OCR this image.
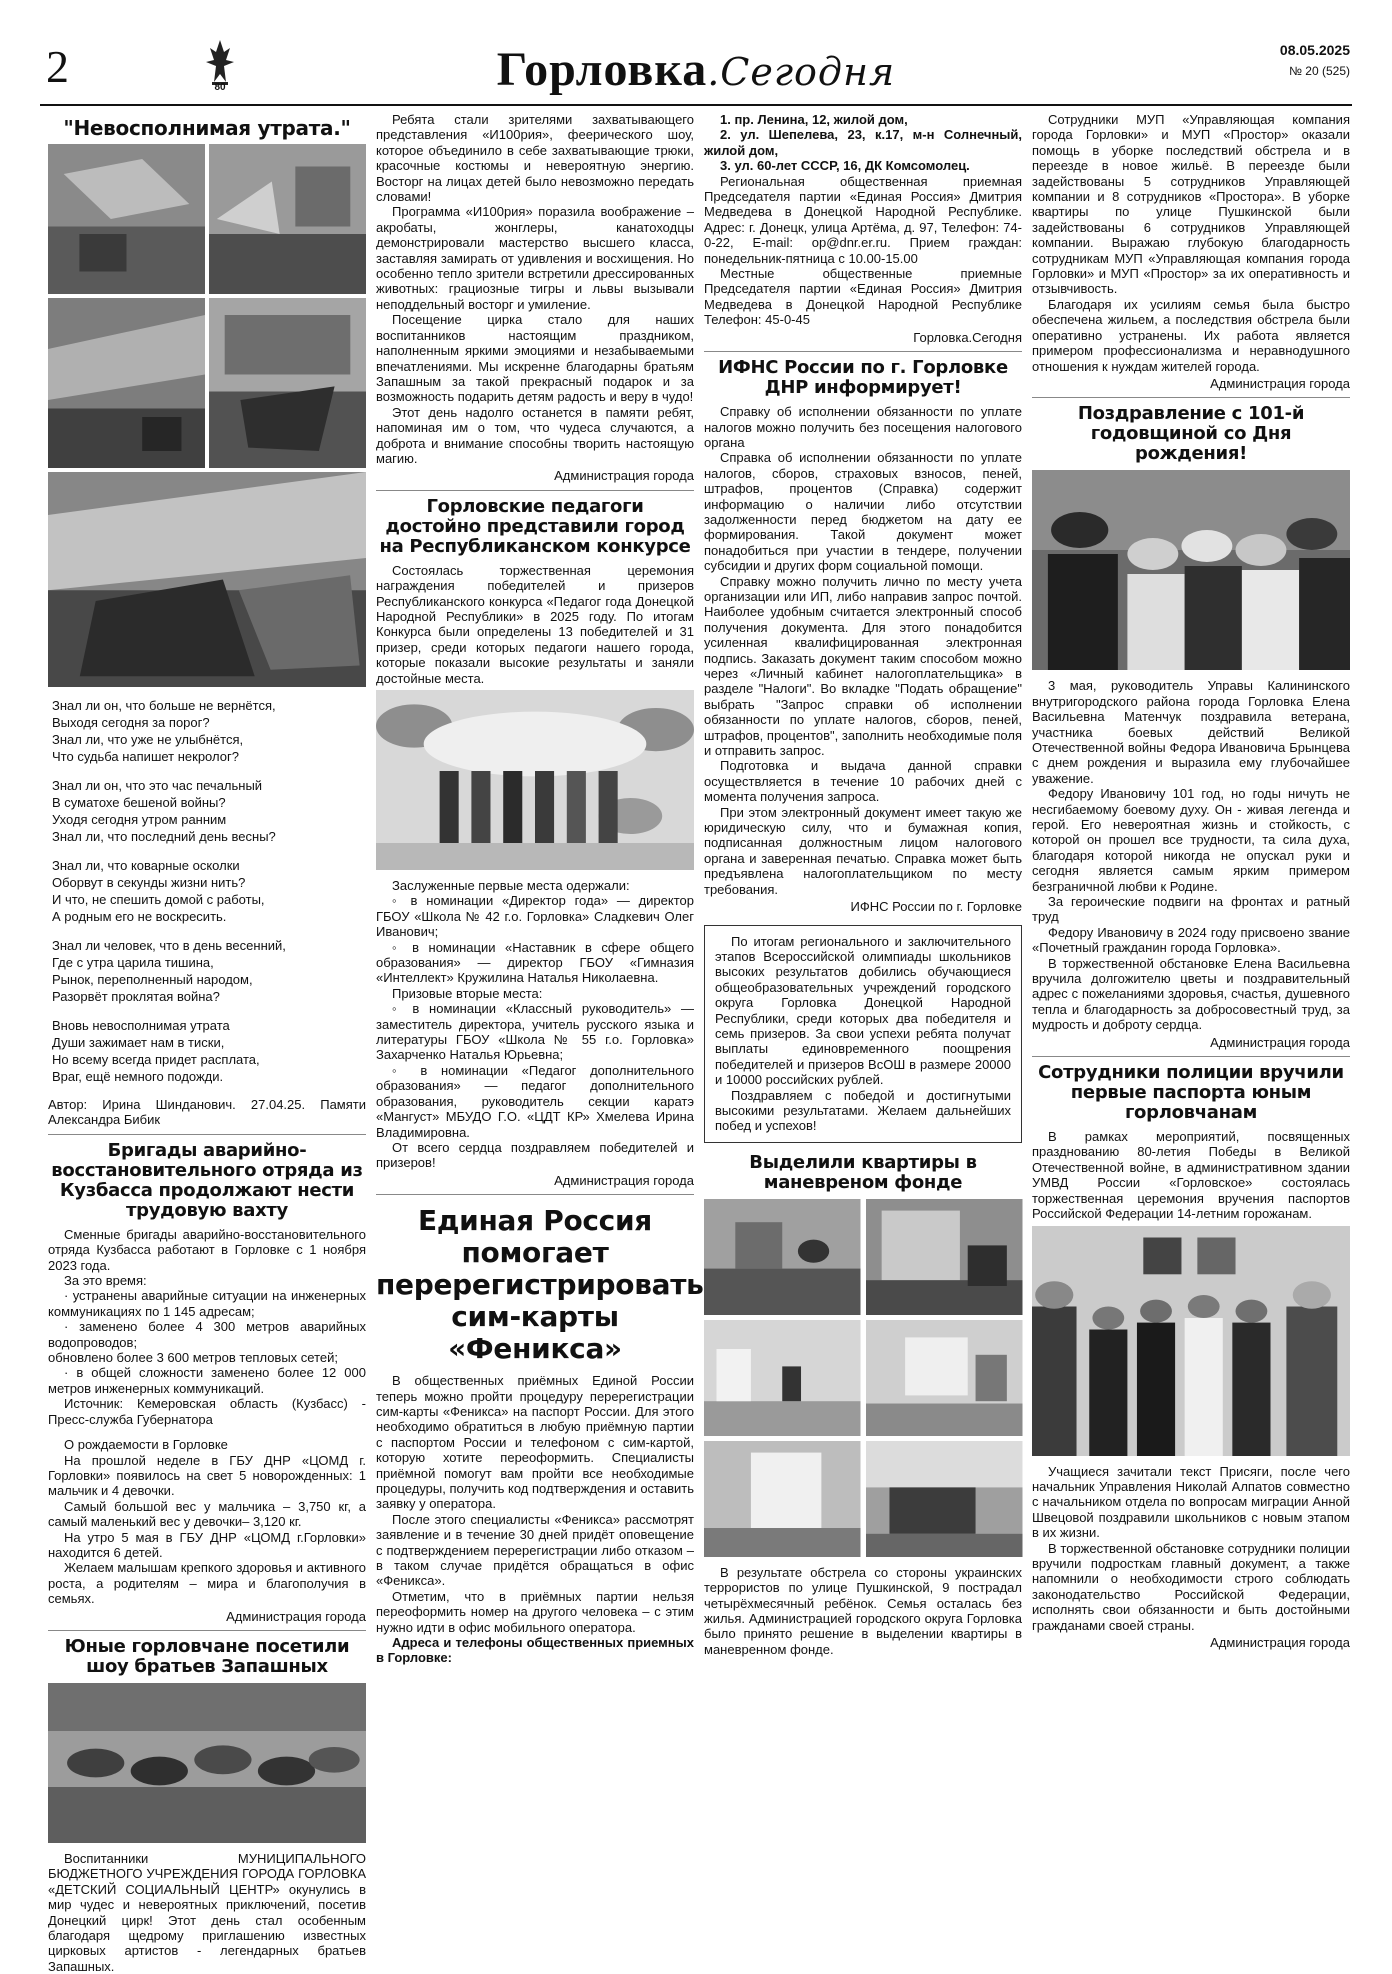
2	80	Горловка.Сегодня	08.05.2025
№ 20 (525)
"Невосполнимая утрата."
Знал ли он, что больше не вернётся,
Выходя сегодня за порог?
Знал ли, что уже не улыбнётся,
Что судьба напишет некролог?
Знал ли он, что это час печальный
В суматохе бешеной войны?
Уходя сегодня утром ранним
Знал ли, что последний день весны?
Знал ли, что коварные осколки
Оборвут в секунды жизни нить?
И что, не спешить домой с работы,
А родным его не воскресить.
Знал ли человек, что в день весенний,
Где с утра царила тишина,
Рынок, переполненный народом,
Разорвёт проклятая война?
Вновь невосполнимая утрата
Души зажимает нам в тиски,
Но всему всегда придет расплата,
Враг, ещё немного подожди.

Автор: Ирина Шинданович. 27.04.25. Памяти Александра Бибик

Бригады аварийно-восстановительного отряда из Кузбасса продолжают нести трудовую вахту

Сменные бригады аварийно-восстановительного отряда Кузбасса работают в Горловке с 1 ноября 2023 года.

За это время:

· устранены аварийные ситуации на инженерных коммуникациях по 1 145 адресам;

· заменено более 4 300 метров аварийных водопроводов;

обновлено более 3 600 метров тепловых сетей;

· в общей сложности заменено более 12 000 метров инженерных коммуникаций.

Источник: Кемеровская область (Кузбасс) - Пресс-служба Губернатора

О рождаемости в Горловке

На прошлой неделе в ГБУ ДНР «ЦОМД г. Горловки» появилось на свет 5 новорожденных: 1 мальчик и 4 девочки.

Самый большой вес у мальчика – 3,750 кг, а самый маленький вес у девочки– 3,120 кг.

На утро 5 мая в ГБУ ДНР «ЦОМД г.Горловки» находится 6 детей.

Желаем малышам крепкого здоровья и активного роста, а родителям – мира и благополучия в семьях.

Администрация города
Юные горловчане посетили шоу братьев Запашных

Воспитанники МУНИЦИПАЛЬНОГО БЮДЖЕТНОГО УЧРЕЖДЕНИЯ ГОРОДА ГОРЛОВКА «ДЕТСКИЙ СОЦИАЛЬНЫЙ ЦЕНТР» окунулись в мир чудес и невероятных приключений, посетив Донецкий цирк! Этот день стал особенным благодаря щедрому приглашению известных цирковых артистов - легендарных братьев Запашных.

Ребята стали зрителями захватывающего представления «И100рия», феерического шоу, которое объединило в себе захватывающие трюки, красочные костюмы и невероятную энергию. Восторг на лицах детей было невозможно передать словами!

Программа «И100рия» поразила воображение – акробаты, жонглеры, канатоходцы демонстрировали мастерство высшего класса, заставляя замирать от удивления и восхищения. Но особенно тепло зрители встретили дрессированных животных: грациозные тигры и львы вызывали неподдельный восторг и умиление.

Посещение цирка стало для наших воспитанников настоящим праздником, наполненным яркими эмоциями и незабываемыми впечатлениями. Мы искренне благодарны братьям Запашным за такой прекрасный подарок и за возможность подарить детям радость и веру в чудо!

Этот день надолго останется в памяти ребят, напоминая им о том, что чудеса случаются, а доброта и внимание способны творить настоящую магию.

Администрация города
Горловские педагоги достойно представили город на Республиканском конкурсе

Состоялась торжественная церемония награждения победителей и призеров Республиканского конкурса «Педагог года Донецкой Народной Республики» в 2025 году. По итогам Конкурса были определены 13 победителей и 31 призер, среди которых педагоги нашего города, которые показали высокие результаты и заняли достойные места.

Заслуженные первые места одержали:

◦ в номинации «Директор года» — директор ГБОУ «Школа № 42 г.о. Горловка» Сладкевич Олег Иванович;

◦ в номинации «Наставник в сфере общего образования» — директор ГБОУ «Гимназия «Интеллект» Кружилина Наталья Николаевна.

Призовые вторые места:

◦ в номинации «Классный руководитель» — заместитель директора, учитель русского языка и литературы ГБОУ «Школа № 55 г.о. Горловка» Захарченко Наталья Юрьевна;

◦ в номинации «Педагог дополнительного образования» — педагог дополнительного образования, руководитель секции каратэ «Мангуст» МБУДО Г.О. «ЦДТ КР» Хмелева Ирина Владимировна.

От всего сердца поздравляем победителей и призеров!

Администрация города
Единая Россия помогает перерегистрировать сим-карты «Феникса»

В общественных приёмных Единой России теперь можно пройти процедуру перерегистрации сим-карты «Феникса» на паспорт России. Для этого необходимо обратиться в любую приёмную партии с паспортом России и телефоном с сим-картой, которую хотите переоформить. Специалисты приёмной помогут вам пройти все необходимые процедуры, получить код подтверждения и оставить заявку у оператора.

После этого специалисты «Феникса» рассмотрят заявление и в течение 30 дней придёт оповещение с подтверждением перерегистрации либо отказом – в таком случае придётся обращаться в офис «Феникса».

Отметим, что в приёмных партии нельзя переоформить номер на другого человека – с этим нужно идти в офис мобильного оператора.

Адреса и телефоны общественных приемных в Горловке:

1. пр. Ленина, 12, жилой дом,

2. ул. Шепелева, 23, к.17, м-н Солнечный, жилой дом,

3. ул. 60-лет СССР, 16, ДК Комсомолец.

Региональная общественная приемная Председателя партии «Единая Россия» Дмитрия Медведева в Донецкой Народной Республике. Адрес: г. Донецк, улица Артёма, д. 97, Телефон: 74-0-22, E-mail: op@dnr.er.ru. Прием граждан: понедельник-пятница с 10.00-15.00

Местные общественные приемные Председателя партии «Единая Россия» Дмитрия Медведева в Донецкой Народной Республике Телефон: 45-0-45

Горловка.Сегодня
ИФНС России по г. Горловке ДНР информирует!

Справку об исполнении обязанности по уплате налогов можно получить без посещения налогового органа

Справка об исполнении обязанности по уплате налогов, сборов, страховых взносов, пеней, штрафов, процентов (Справка) содержит информацию о наличии либо отсутствии задолженности перед бюджетом на дату ее формирования. Такой документ может понадобиться при участии в тендере, получении субсидии и других форм социальной помощи.

Справку можно получить лично по месту учета организации или ИП, либо направив запрос почтой. Наиболее удобным считается электронный способ получения документа. Для этого понадобится усиленная квалифицированная электронная подпись. Заказать документ таким способом можно через «Личный кабинет налогоплательщика» в разделе "Налоги". Во вкладке "Подать обращение" выбрать "Запрос справки об исполнении обязанности по уплате налогов, сборов, пеней, штрафов, процентов", заполнить необходимые поля и отправить запрос.

Подготовка и выдача данной справки осуществляется в течение 10 рабочих дней с момента получения запроса.

При этом электронный документ имеет такую же юридическую силу, что и бумажная копия, подписанная должностным лицом налогового органа и заверенная печатью. Справка может быть предъявлена налогоплательщиком по месту требования.

ИФНС России по г. Горловке

По итогам регионального и заключительного этапов Всероссийской олимпиады школьников высоких результатов добились обучающиеся общеобразовательных учреждений городского округа Горловка Донецкой Народной Республики, среди которых два победителя и семь призеров. За свои успехи ребята получат выплаты единовременного поощрения победителей и призеров ВсОШ в размере 20000 и 10000 российских рублей.

Поздравляем с победой и достигнутыми высокими результатами. Желаем дальнейших побед и успехов!

Выделили квартиры в маневреном фонде

В результате обстрела со стороны украинских террористов по улице Пушкинской, 9 пострадал четырёхмесячный ребёнок. Семья осталась без жилья. Администрацией городского округа Горловка было принято решение в выделении квартиры в маневренном фонде.

Сотрудники МУП «Управляющая компания города Горловки» и МУП «Простор» оказали помощь в уборке последствий обстрела и в переезде в новое жильё. В переезде были задействованы 5 сотрудников Управляющей компании и 8 сотрудников «Простора». В уборке квартиры по улице Пушкинской были задействованы 6 сотрудников Управляющей компании. Выражаю глубокую благодарность сотрудникам МУП «Управляющая компания города Горловки» и МУП «Простор» за их оперативность и отзывчивость.

Благодаря их усилиям семья была быстро обеспечена жильем, а последствия обстрела были оперативно устранены. Их работа является примером профессионализма и неравнодушного отношения к нуждам жителей города.

Администрация города
Поздравление с 101-й годовщиной со Дня рождения!

3 мая, руководитель Управы Калининского внутригородского района города Горловка Елена Васильевна Матенчук поздравила ветерана, участника боевых действий Великой Отечественной войны Федора Ивановича Брынцева с днем рождения и выразила ему глубочайшее уважение.

Федору Ивановичу 101 год, но годы ничуть не несгибаемому боевому духу. Он - живая легенда и герой. Его невероятная жизнь и стойкость, с которой он прошел все трудности, та сила духа, благодаря которой никогда не опускал руки и сегодня является самым ярким примером безграничной любви к Родине.

За героические подвиги на фронтах и ратный труд

Федору Ивановичу в 2024 году присвоено звание «Почетный гражданин города Горловка».

В торжественной обстановке Елена Васильевна вручила долгожителю цветы и поздравительный адрес с пожеланиями здоровья, счастья, душевного тепла и благодарность за добросовестный труд, за мудрость и доброту сердца.

Администрация города
Сотрудники полиции вручили первые паспорта юным горловчанам

В рамках мероприятий, посвященных празднованию 80-летия Победы в Великой Отечественной войне, в административном здании УМВД России «Горловское» состоялась торжественная церемония вручения паспортов Российской Федерации 14-летним горожанам.

Учащиеся зачитали текст Присяги, после чего начальник Управления Николай Алпатов совместно с начальником отдела по вопросам миграции Анной Швецовой поздравили школьников с новым этапом в их жизни.

В торжественной обстановке сотрудники полиции вручили подросткам главный документ, а также напомнили о необходимости строго соблюдать законодательство Российской Федерации, исполнять свои обязанности и быть достойными гражданами своей страны.

Администрация города
